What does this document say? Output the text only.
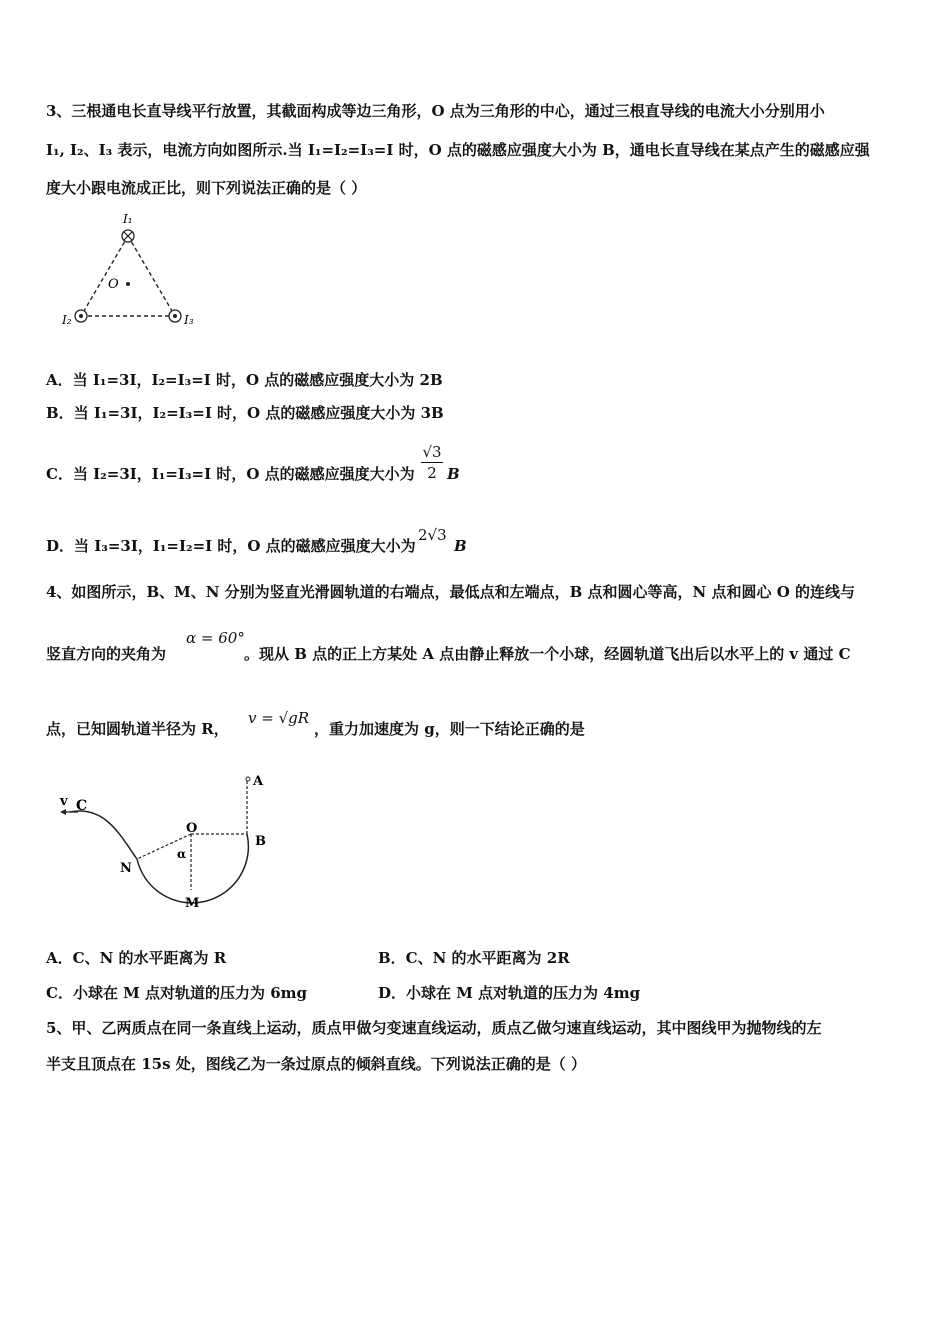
3、三根通电长直导线平行放置，其截面构成等边三角形，O 点为三角形的中心，通过三根直导线的电流大小分别用小
I₁, I₂、I₃ 表示，电流方向如图所示.当 I₁=I₂=I₃=I 时，O 点的磁感应强度大小为 B，通电长直导线在某点产生的磁感应强
度大小跟电流成正比，则下列说法正确的是（ ）
I₁
I₂	I₃
O
A．当 I₁=3I，I₂=I₃=I 时，O 点的磁感应强度大小为 2B
B．当 I₁=3I，I₂=I₃=I 时，O 点的磁感应强度大小为 3B
C．当 I₂=3I，I₁=I₃=I 时，O 点的磁感应强度大小为
√3
2 B
D．当 I₃=3I，I₁=I₂=I 时，O 点的磁感应强度大小为
2√3
B
4、如图所示，B、M、N 分别为竖直光滑圆轨道的右端点，最低点和左端点，B 点和圆心等高，N 点和圆心 O 的连线与
竖直方向的夹角为
α = 60°
。现从 B 点的正上方某处 A 点由静止释放一个小球，经圆轨道飞出后以水平上的 v 通过 C
点，已知圆轨道半径为 R，
v = √gR
，重力加速度为 g，则一下结论正确的是
A
B
C
v
O
N
M
α
A．C、N 的水平距离为 R	B．C、N 的水平距离为 2R
C．小球在 M 点对轨道的压力为 6mg	D．小球在 M 点对轨道的压力为 4mg
5、甲、乙两质点在同一条直线上运动，质点甲做匀变速直线运动，质点乙做匀速直线运动，其中图线甲为抛物线的左
半支且顶点在 15s 处，图线乙为一条过原点的倾斜直线。下列说法正确的是（ ）
